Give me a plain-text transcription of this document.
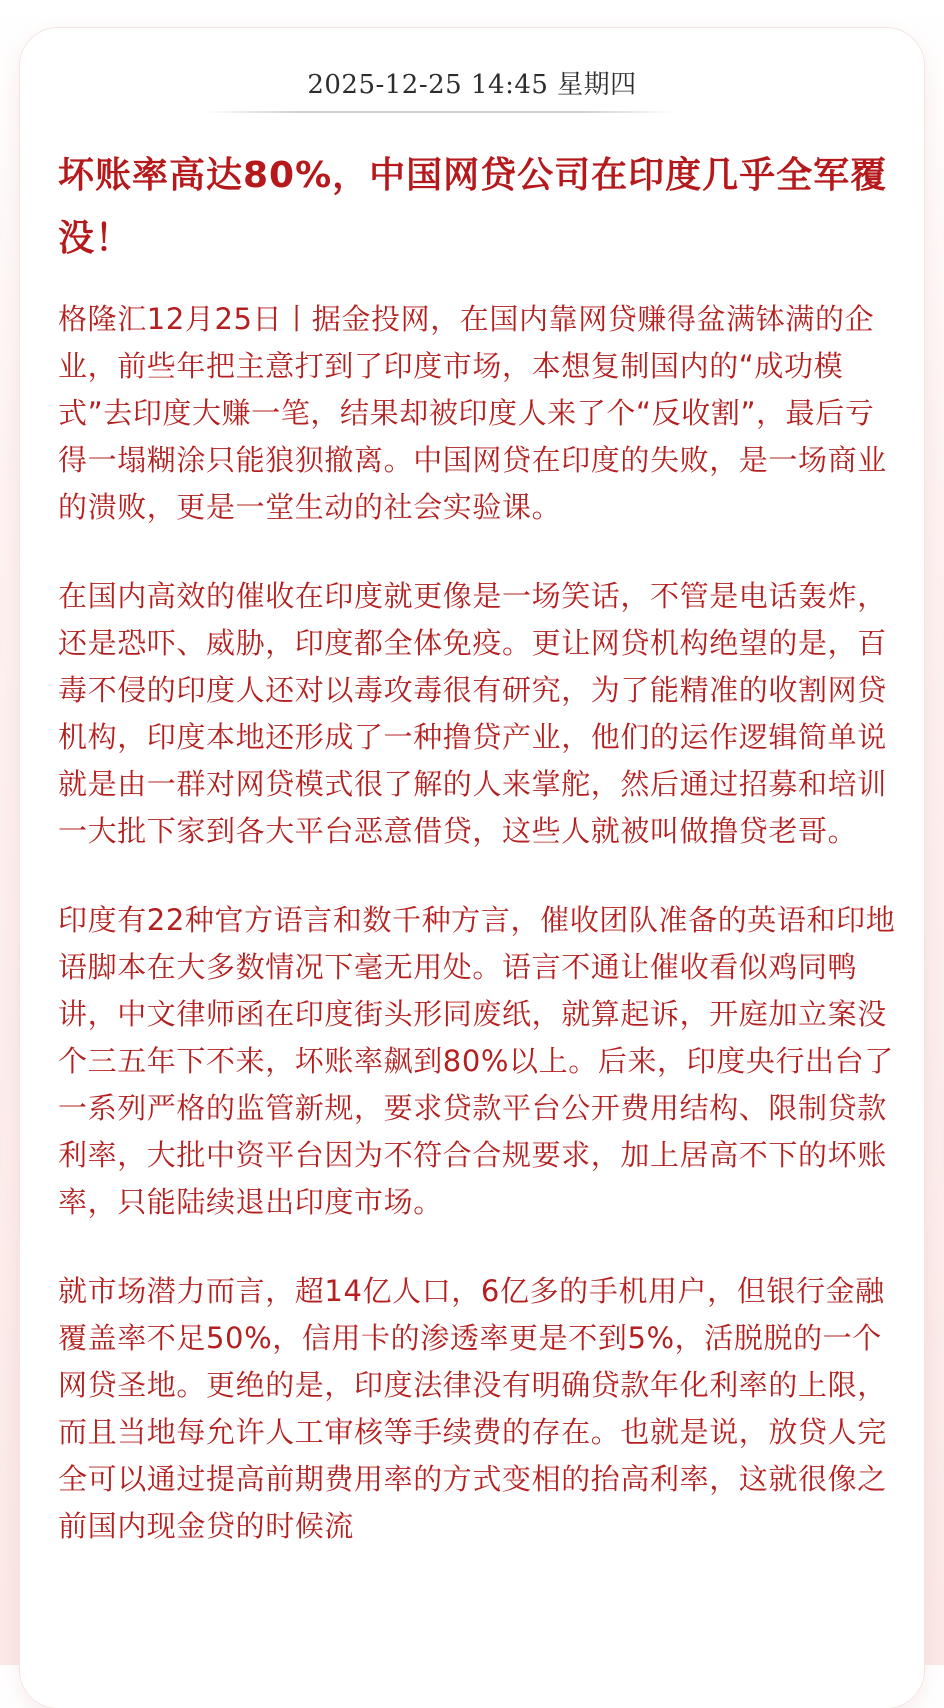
2025-12-25 14:45 星期四
坏账率高达80%，中国网贷公司在印度几乎全军覆没！

格隆汇12月25日丨据金投网，在国内靠网贷赚得盆满钵满的企业，前些年把主意打到了印度市场，本想复制国内的“成功模式”去印度大赚一笔，结果却被印度人来了个“反收割”，最后亏得一塌糊涂只能狼狈撤离。中国网贷在印度的失败，是一场商业的溃败，更是一堂生动的社会实验课。

在国内高效的催收在印度就更像是一场笑话，不管是电话轰炸，还是恐吓、威胁，印度都全体免疫。更让网贷机构绝望的是，百毒不侵的印度人还对以毒攻毒很有研究，为了能精准的收割网贷机构，印度本地还形成了一种撸贷产业，他们的运作逻辑简单说就是由一群对网贷模式很了解的人来掌舵，然后通过招募和培训一大批下家到各大平台恶意借贷，这些人就被叫做撸贷老哥。

印度有22种官方语言和数千种方言，催收团队准备的英语和印地语脚本在大多数情况下毫无用处。语言不通让催收看似鸡同鸭讲，中文律师函在印度街头形同废纸，就算起诉，开庭加立案没个三五年下不来，坏账率飙到80%以上。后来，印度央行出台了一系列严格的监管新规，要求贷款平台公开费用结构、限制贷款利率，大批中资平台因为不符合合规要求，加上居高不下的坏账率，只能陆续退出印度市场。

就市场潜力而言，超14亿人口，6亿多的手机用户，但银行金融覆盖率不足50%，信用卡的渗透率更是不到5%，活脱脱的一个网贷圣地。更绝的是，印度法律没有明确贷款年化利率的上限，而且当地每允许人工审核等手续费的存在。也就是说，放贷人完全可以通过提高前期费用率的方式变相的抬高利率，这就很像之前国内现金贷的时候流
